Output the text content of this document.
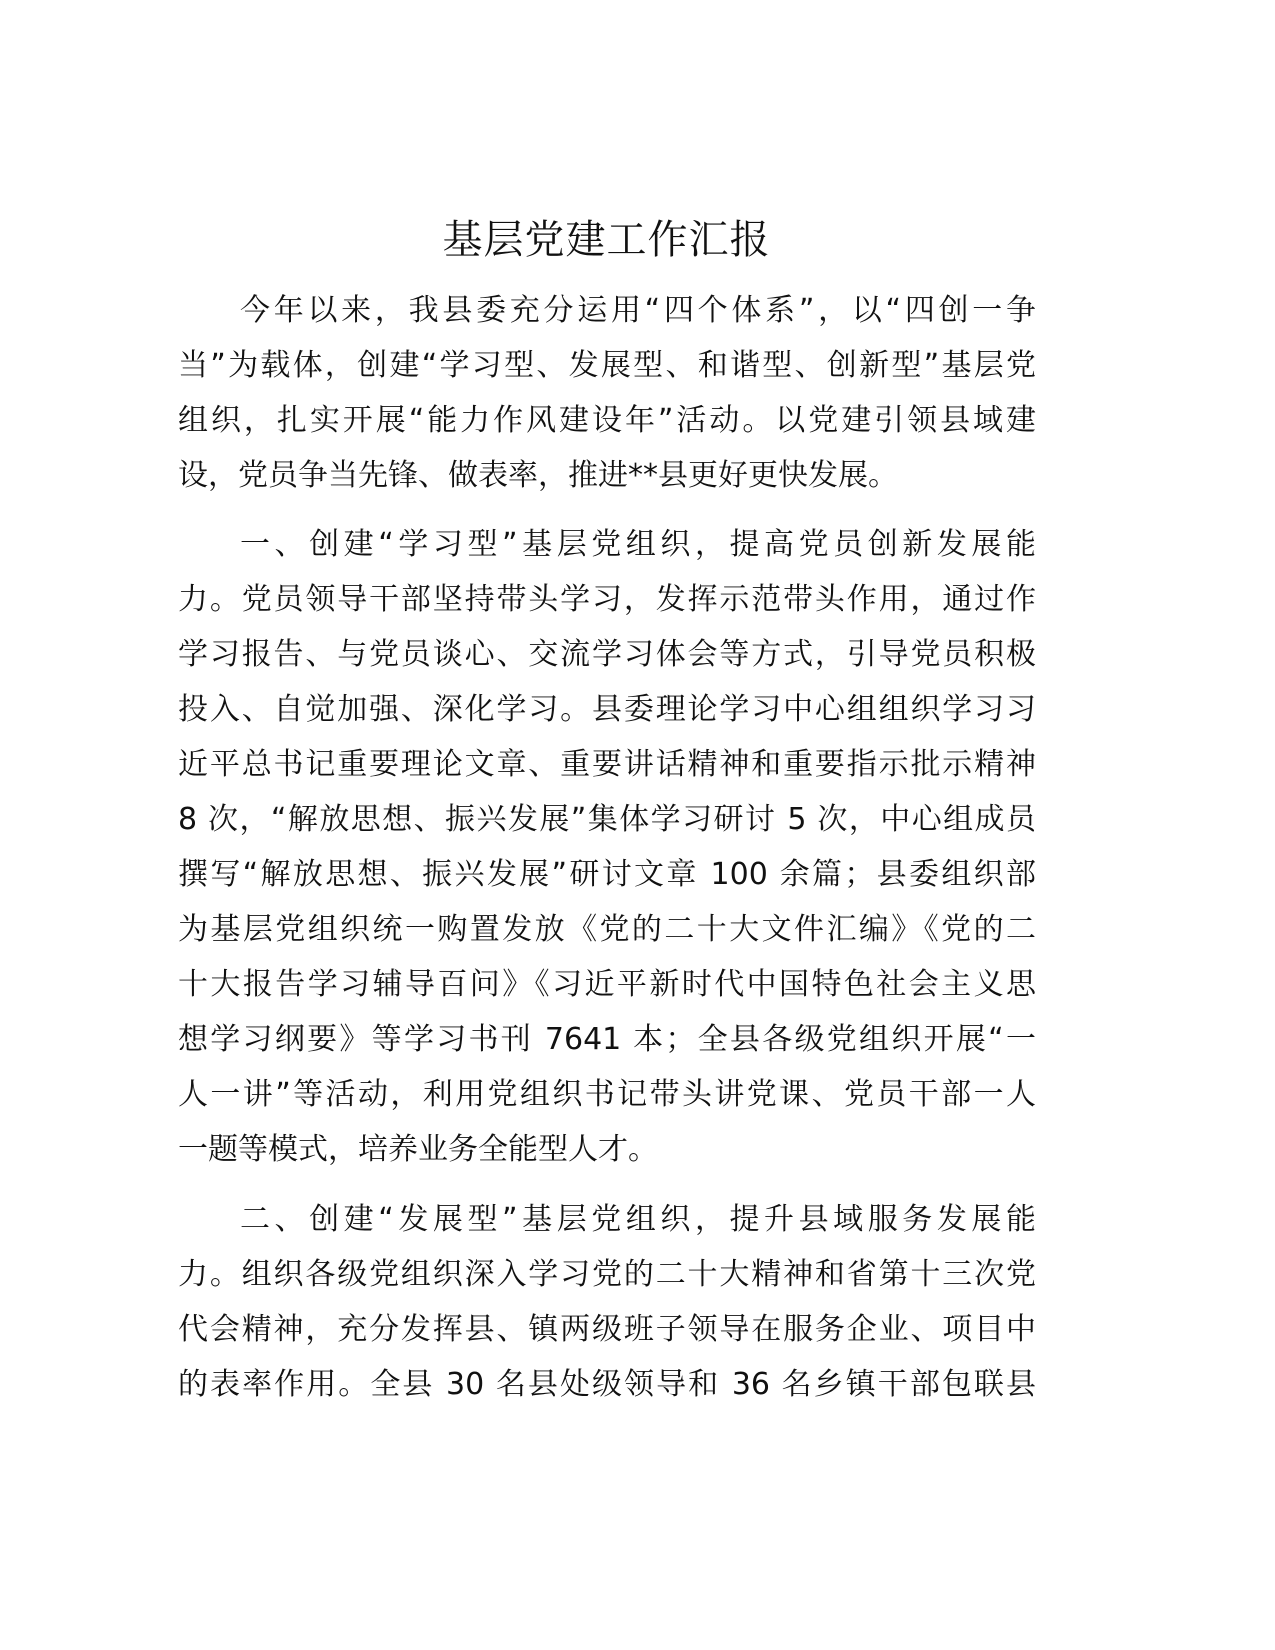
基层党建工作汇报
今年以来，我县委充分运用“四个体系”，以“四创一争
当”为载体，创建“学习型、发展型、和谐型、创新型”基层党
组织，扎实开展“能力作风建设年”活动。以党建引领县域建
设，党员争当先锋、做表率，推进**县更好更快发展。
一、创建“学习型”基层党组织，提高党员创新发展能
力。党员领导干部坚持带头学习，发挥示范带头作用，通过作
学习报告、与党员谈心、交流学习体会等方式，引导党员积极
投入、自觉加强、深化学习。县委理论学习中心组组织学习习
近平总书记重要理论文章、重要讲话精神和重要指示批示精神
8 次，“解放思想、振兴发展”集体学习研讨 5 次，中心组成员
撰写“解放思想、振兴发展”研讨文章 100 余篇；县委组织部
为基层党组织统一购置发放《党的二十大文件汇编》《党的二
十大报告学习辅导百问》《习近平新时代中国特色社会主义思
想学习纲要》等学习书刊 7641 本；全县各级党组织开展“一
人一讲”等活动，利用党组织书记带头讲党课、党员干部一人
一题等模式，培养业务全能型人才。
二、创建“发展型”基层党组织，提升县域服务发展能
力。组织各级党组织深入学习党的二十大精神和省第十三次党
代会精神，充分发挥县、镇两级班子领导在服务企业、项目中
的表率作用。全县 30 名县处级领导和 36 名乡镇干部包联县
